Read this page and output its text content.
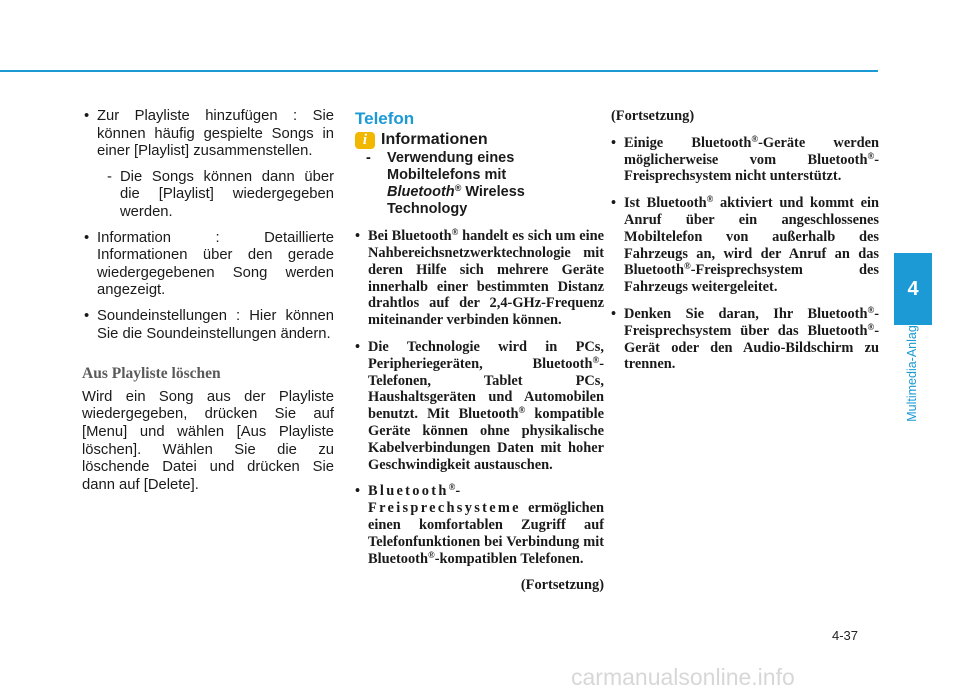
• Zur Playliste hinzufügen : Sie können häufig gespielte Songs in einer [Playlist] zusammenstellen.
- Die Songs können dann über die [Playlist] wiedergegeben werden.
• Information : Detaillierte Informationen über den gerade wiedergegebenen Song werden angezeigt.
• Soundeinstellungen : Hier können Sie die Soundeinstellungen ändern.
Aus Playliste löschen
Wird ein Song aus der Playliste wiedergegeben, drücken Sie auf [Menu] und wählen [Aus Playliste löschen]. Wählen Sie die zu löschende Datei und drücken Sie dann auf [Delete].
Telefon
i Informationen
- Verwendung eines Mobiltelefons mit
Bluetooth® Wireless Technology
• Bei Bluetooth® handelt es sich um eine Nahbereichsnetzwerktechnologie mit deren Hilfe sich mehrere Geräte innerhalb einer bestimmten Distanz drahtlos auf der 2,4-GHz-Frequenz miteinander verbinden können.
• Die Technologie wird in PCs, Peripheriegeräten, Bluetooth®-Telefonen, Tablet PCs, Haushaltsgeräten und Automobilen benutzt. Mit Bluetooth® kompatible Geräte können ohne physikalische Kabelverbindungen Daten mit hoher Geschwindigkeit austauschen.
• Bluetooth®-Freisprechsysteme ermöglichen einen komfortablen Zugriff auf Telefonfunktionen bei Verbindung mit Bluetooth®-kompatiblen Telefonen.
(Fortsetzung)
(Fortsetzung)
• Einige Bluetooth®-Geräte werden möglicherweise vom Bluetooth®-Freisprechsystem nicht unterstützt.
• Ist Bluetooth® aktiviert und kommt ein Anruf über ein angeschlossenes Mobiltelefon von außerhalb des Fahrzeugs an, wird der Anruf an das Bluetooth®-Freisprechsystem des Fahrzeugs weitergeleitet.
• Denken Sie daran, Ihr Bluetooth®-Freisprechsystem über das Bluetooth®-Gerät oder den Audio-Bildschirm zu trennen.
4
Multimedia-Anlage
4-37
carmanualsonline.info
